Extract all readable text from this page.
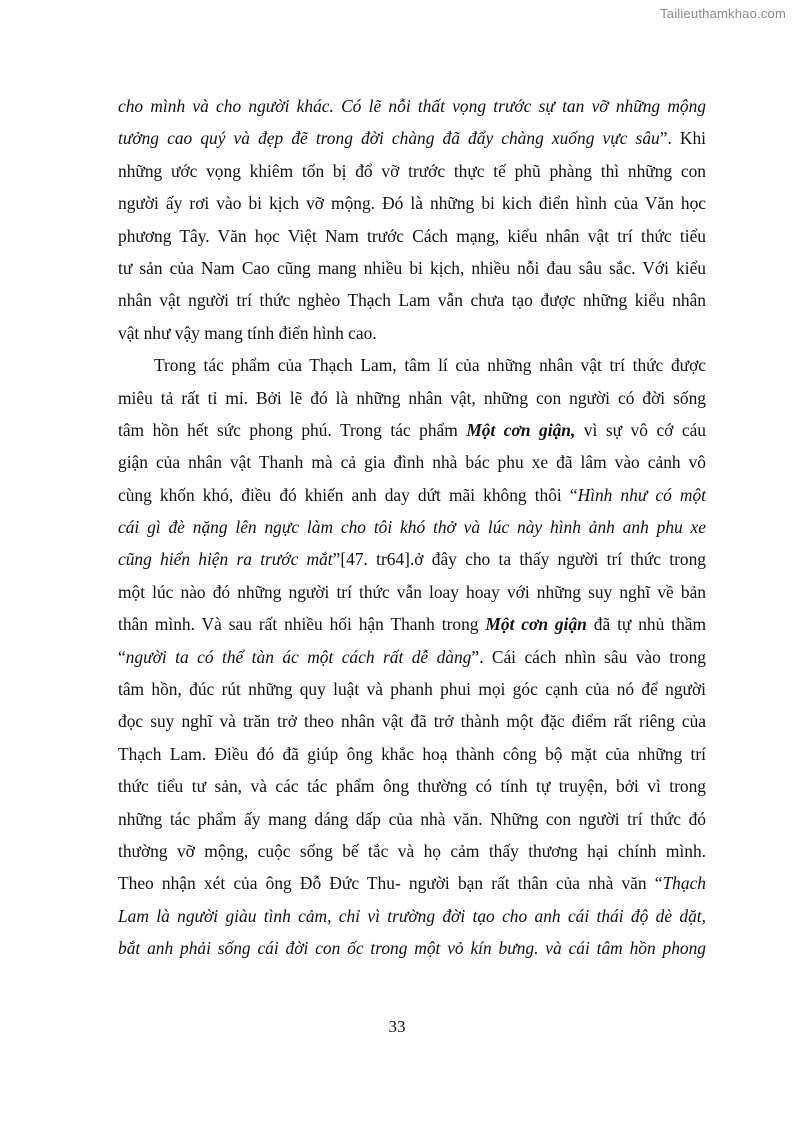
Tailieuthamkhao.com
cho mình và cho người khác. Có lẽ nỗi thất vọng trước sự tan vỡ những mộng
tưởng cao quý và đẹp đẽ trong đời chàng đã đẩy chàng xuống vực sâu”. Khi
những ước vọng khiêm tốn bị đổ vỡ trước thực tế phũ phàng thì những con
người ấy rơi vào bi kịch vỡ mộng. Đó là những bi kich điển hình của Văn học
phương Tây. Văn học Việt Nam trước Cách mạng, kiểu nhân vật trí thức tiểu
tư sản của Nam Cao cũng mang nhiều bi kịch, nhiều nỗi đau sâu sắc. Với kiểu
nhân vật người trí thức nghèo Thạch Lam vẫn chưa tạo được những kiểu nhân
vật như vậy mang tính điển hình cao.
Trong tác phẩm của Thạch Lam, tâm lí của những nhân vật trí thức được
miêu tả rất tỉ mỉ. Bởi lẽ đó là những nhân vật, những con người có đời sống
tâm hồn hết sức phong phú. Trong tác phẩm Một cơn giận, vì sự vô cớ cáu
giận của nhân vật Thanh mà cả gia đình nhà bác phu xe đã lâm vào cảnh vô
cùng khốn khó, điều đó khiến anh day dứt mãi không thôi “Hình như có một
cái gì đè nặng lên ngực làm cho tôi khó thở và lúc này hình ảnh anh phu xe
cũng hiển hiện ra trước mắt”[47. tr64].ở đây cho ta thấy người trí thức trong
một lúc nào đó những người trí thức vẫn loay hoay với những suy nghĩ về bản
thân mình. Và sau rất nhiều hối hận Thanh trong Một cơn giận đã tự nhủ thầm
“người ta có thể tàn ác một cách rất dễ dàng”. Cái cách nhìn sâu vào trong
tâm hồn, đúc rút những quy luật và phanh phui mọi góc cạnh của nó để người
đọc suy nghĩ và trăn trở theo nhân vật đã trở thành một đặc điểm rất riêng của
Thạch Lam. Điều đó đã giúp ông khắc hoạ thành công bộ mặt của những trí
thức tiểu tư sản, và các tác phẩm ông thường có tính tự truyện, bởi vì trong
những tác phẩm ấy mang dáng dấp của nhà văn. Những con người trí thức đó
thường vỡ mộng, cuộc sống bế tắc và họ cảm thấy thương hại chính mình.
Theo nhận xét của ông Đỗ Đức Thu- người bạn rất thân của nhà văn “Thạch
Lam là người giàu tình cảm, chỉ vì trường đời tạo cho anh cái thái độ dè dặt,
bắt anh phải sống cái đời con ốc trong một vỏ kín bưng. và cái tâm hồn phong
33
